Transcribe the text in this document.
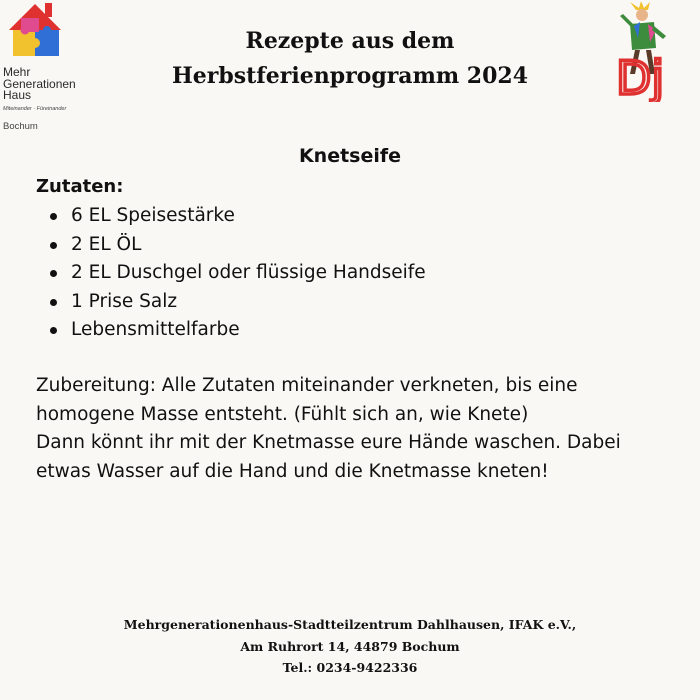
Mehr
Generationen
Haus
Miteinander · Füreinander
Bochum
Dj
Rezepte aus dem
Herbstferienprogramm 2024
Knetseife
Zutaten:
6 EL Speisestärke
2 EL ÖL
2 EL Duschgel oder flüssige Handseife
1 Prise Salz
Lebensmittelfarbe

Zubereitung: Alle Zutaten miteinander verkneten, bis eine

homogene Masse entsteht. (Fühlt sich an, wie Knete)

Dann könnt ihr mit der Knetmasse eure Hände waschen. Dabei

etwas Wasser auf die Hand und die Knetmasse kneten!

Mehrgenerationenhaus-Stadtteilzentrum Dahlhausen, IFAK e.V.,
Am Ruhrort 14, 44879 Bochum
Tel.: 0234-9422336
